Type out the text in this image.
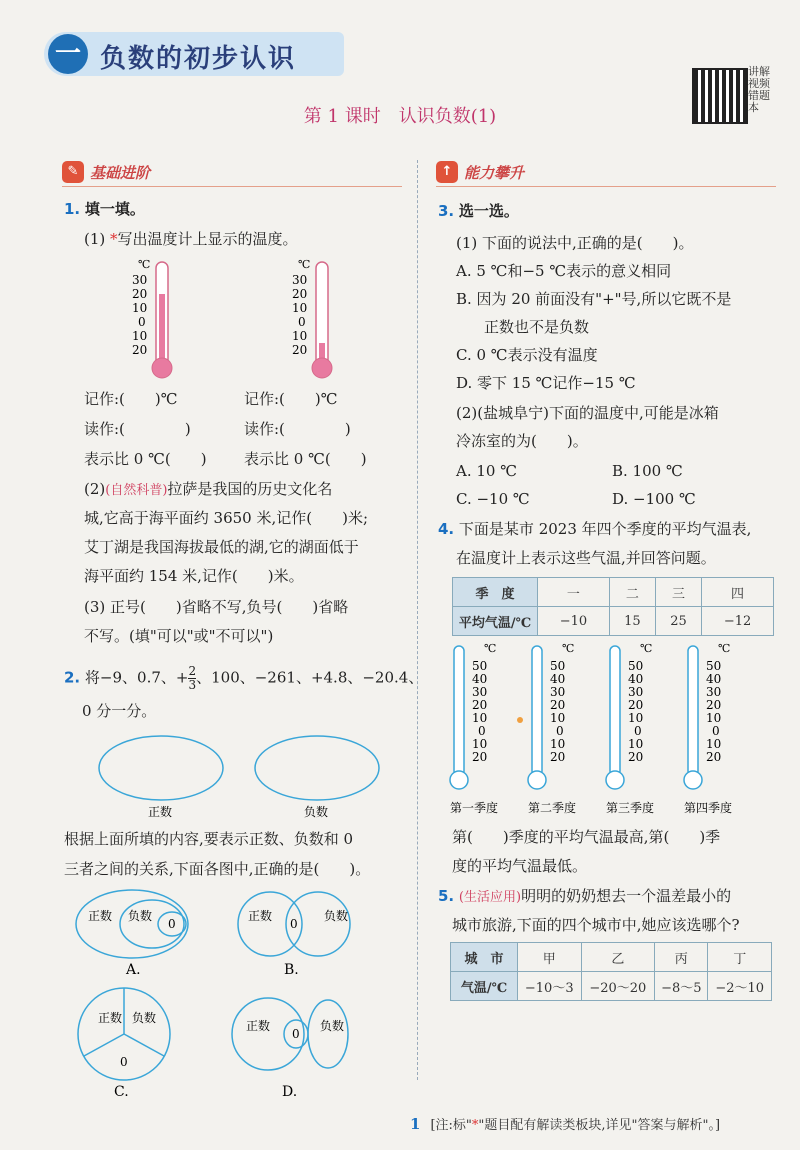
一 负数的初步认识	讲解视频错题本
第 1 课时　认识负数(1)
✎ 基础进阶	↑ 能力攀升
1. 填一填。
(1) *写出温度计上显示的温度。
℃
30
20
10
0
10
20
℃
30
20
10
0
10
20
记作:(　　)℃	记作:(　　)℃
读作:(　　　　)	读作:(　　　　)
表示比 0 ℃(　　) 表示比 0 ℃(　　)
(2)(自然科普)拉萨是我国的历史文化名
城,它高于海平面约 3650 米,记作(　　)米;
艾丁湖是我国海拔最低的湖,它的湖面低于
海平面约 154 米,记作(　　)米。
(3) 正号(　　)省略不写,负号(　　)省略
不写。(填"可以"或"不可以")
2. 将−9、0.7、+ $\frac{2}{3}$ 、100、−261、+4.8、−20.4、
0 分一分。
正数	负数
根据上面所填的内容,要表示正数、负数和 0
三者之间的关系,下面各图中,正确的是(　　)。
正数 负数
0
A.
正数
0
负数
B.
正数 负数
0
C.
正数
0
负数
D.
3. 选一选。
(1) 下面的说法中,正确的是(　　)。
A. 5 ℃和−5 ℃表示的意义相同
B. 因为 20 前面没有"+"号,所以它既不是
正数也不是负数
C. 0 ℃表示没有温度
D. 零下 15 ℃记作−15 ℃
(2)(盐城阜宁)下面的温度中,可能是冰箱
冷冻室的为(　　)。
A. 10 ℃	B. 100 ℃
C. −10 ℃	D. −100 ℃
4. 下面是某市 2023 年四个季度的平均气温表,
在温度计上表示这些气温,并回答问题。
季　度	一	二	三	四
平均气温/℃	−10	15	25	−12
℃
50
40
30
20
10
0
10
20
第一季度
℃
50
40
30
20
10
0
10
20
第二季度
℃
50
40
30
20
10
0
10
20
第三季度
℃
50
40
30
20
10
0
10
20
第四季度
第(　　)季度的平均气温最高,第(　　)季
度的平均气温最低。
5. (生活应用)明明的奶奶想去一个温差最小的
城市旅游,下面的四个城市中,她应该选哪个?
城　市	甲	乙	丙	丁
气温/℃	−10～3	−20～20	−8～5	−2～10
1 [注:标"*"题目配有解读类板块,详见"答案与解析"。]
